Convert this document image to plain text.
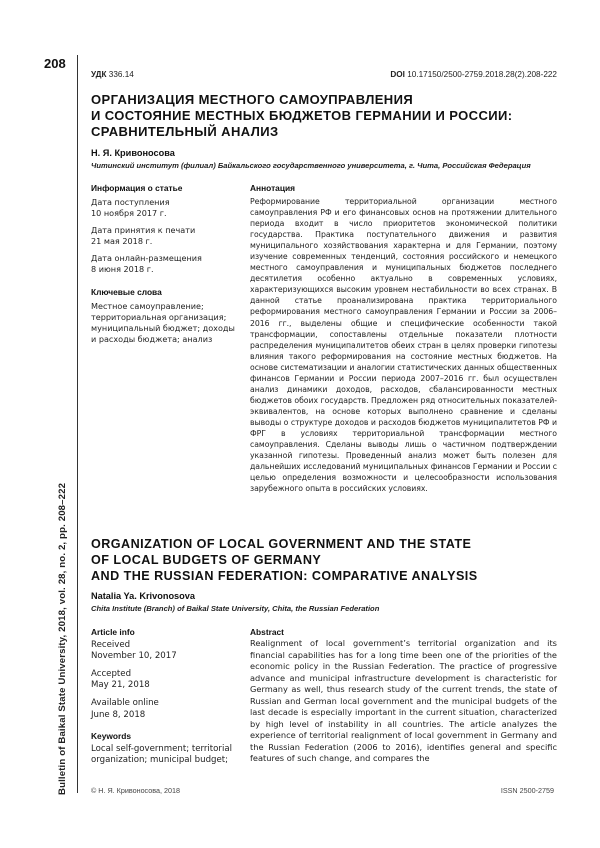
208
Bulletin of Baikal State University, 2018, vol. 28, no. 2, pp. 208–222
УДК 336.14	DOI 10.17150/2500-2759.2018.28(2).208-222
ОРГАНИЗАЦИЯ МЕСТНОГО САМОУПРАВЛЕНИЯ
И СОСТОЯНИЕ МЕСТНЫХ БЮДЖЕТОВ ГЕРМАНИИ И РОССИИ:
СРАВНИТЕЛЬНЫЙ АНАЛИЗ
Н. Я. Кривоносова
Читинский институт (филиал) Байкальского государственного университета, г. Чита, Российская Федерация
Информация о статье
Дата поступления
10 ноября 2017 г.
Дата принятия к печати
21 мая 2018 г.
Дата онлайн-размещения
8 июня 2018 г.
Ключевые слова
Местное самоуправление; территориальная организация; муниципальный бюджет; доходы и расходы бюджета; анализ
Аннотация
Реформирование территориальной организации местного самоуправления РФ и его финансовых основ на протяжении длительного периода входит в число приоритетов экономической политики государства. Практика поступательного движения и развития муниципального хозяйствования характерна и для Германии, поэтому изучение современных тенденций, состояния российского и немецкого местного самоуправления и муниципальных бюджетов последнего десятилетия особенно актуально в современных условиях, характеризующихся высоким уровнем нестабильности во всех странах. В данной статье проанализирована практика территориального реформирования местного самоуправления Германии и России за 2006–2016 гг., выделены общие и специфические особенности такой трансформации, сопоставлены отдельные показатели плотности распределения муниципалитетов обеих стран в целях проверки гипотезы влияния такого реформирования на состояние местных бюджетов. На основе систематизации и аналогии статистических данных общественных финансов Германии и России периода 2007–2016 гг. был осуществлен анализ динамики доходов, расходов, сбалансированности местных бюджетов обоих государств. Предложен ряд относительных показателей-эквивалентов, на основе которых выполнено сравнение и сделаны выводы о структуре доходов и расходов бюджетов муниципалитетов РФ и ФРГ в условиях территориальной трансформации местного самоуправления. Сделаны выводы лишь о частичном подтверждении указанной гипотезы. Проведенный анализ может быть полезен для дальнейших исследований муниципальных финансов Германии и России с целью определения возможности и целесообразности использования зарубежного опыта в российских условиях.
ORGANIZATION OF LOCAL GOVERNMENT AND THE STATE
OF LOCAL BUDGETS OF GERMANY
AND THE RUSSIAN FEDERATION: COMPARATIVE ANALYSIS
Natalia Ya. Krivonosova
Chita Institute (Branch) of Baikal State University, Chita, the Russian Federation
Article info
Received
November 10, 2017
Accepted
May 21, 2018
Available online
June 8, 2018
Keywords
Local self-government; territorial organization; municipal budget;
Abstract
Realignment of local government’s territorial organization and its financial capabilities has for a long time been one of the priorities of the economic policy in the Russian Federation. The practice of progressive advance and municipal infrastructure development is characteristic for Germany as well, thus research study of the current trends, the state of Russian and German local government and the municipal budgets of the last decade is especially important in the current situation, characterized by high level of instability in all countries. The article analyzes the experience of territorial realignment of local government in Germany and the Russian Federation (2006 to 2016), identifies general and specific features of such change, and compares the
© Н. Я. Кривоносова, 2018	ISSN 2500-2759
